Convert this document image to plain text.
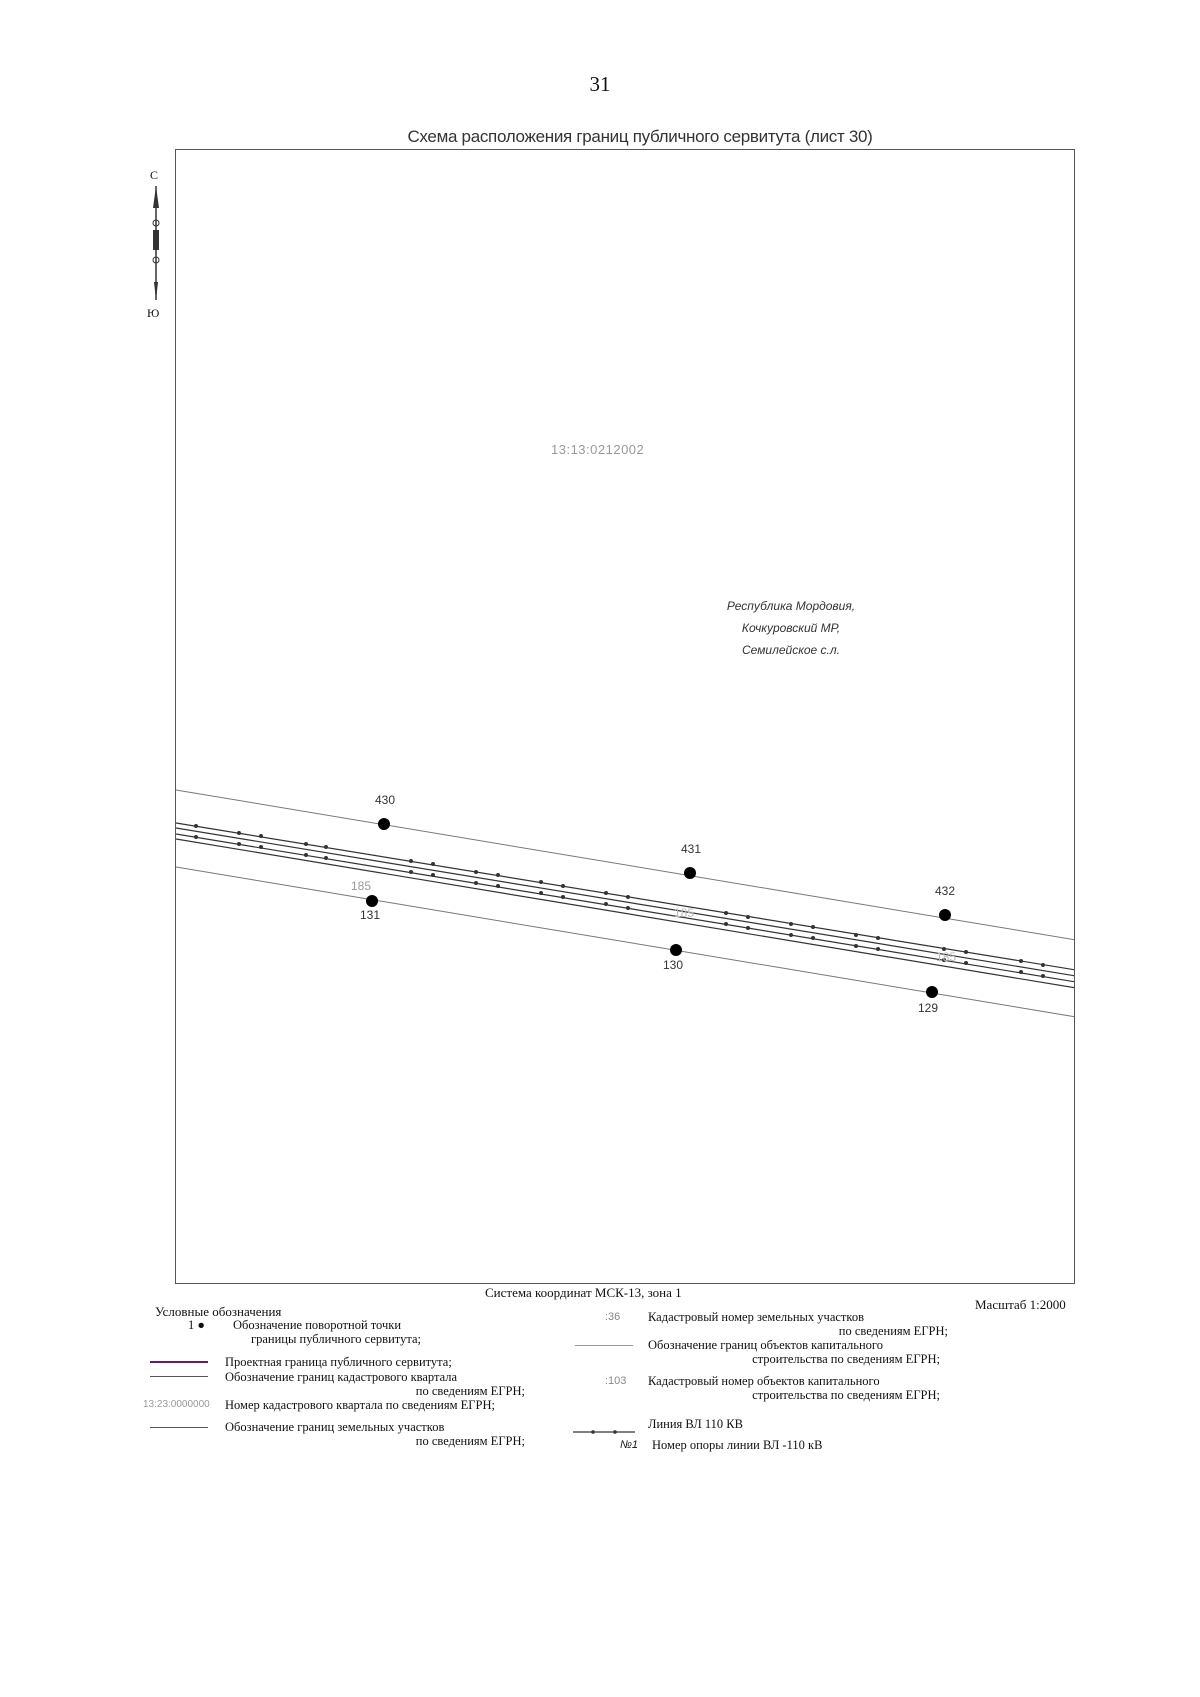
31
Схема расположения границ публичного сервитута (лист 30)
С
Ю
13:13:0212002
Республика Мордовия,
Кочкуровский МР,
Семилейское с.л.
430
431
432
131
130
129
185
185
185
Система координат МСК-13, зона 1
Масштаб 1:2000
Условные обозначения
1 ● Обозначение поворотной точки
границы публичного сервитута;
Проектная граница публичного сервитута;
Обозначение границ кадастрового квартала
по сведениям ЕГРН;
13:23:0000000 Номер кадастрового квартала по сведениям ЕГРН;
Обозначение границ земельных участков
по сведениям ЕГРН;
:36 Кадастровый номер земельных участков
по сведениям ЕГРН;
Обозначение границ объектов капитального
строительства по сведениям ЕГРН;
:103 Кадастровый номер объектов капитального
строительства по сведениям ЕГРН;
Линия ВЛ 110 КВ
№1 Номер опоры линии ВЛ -110 кВ
